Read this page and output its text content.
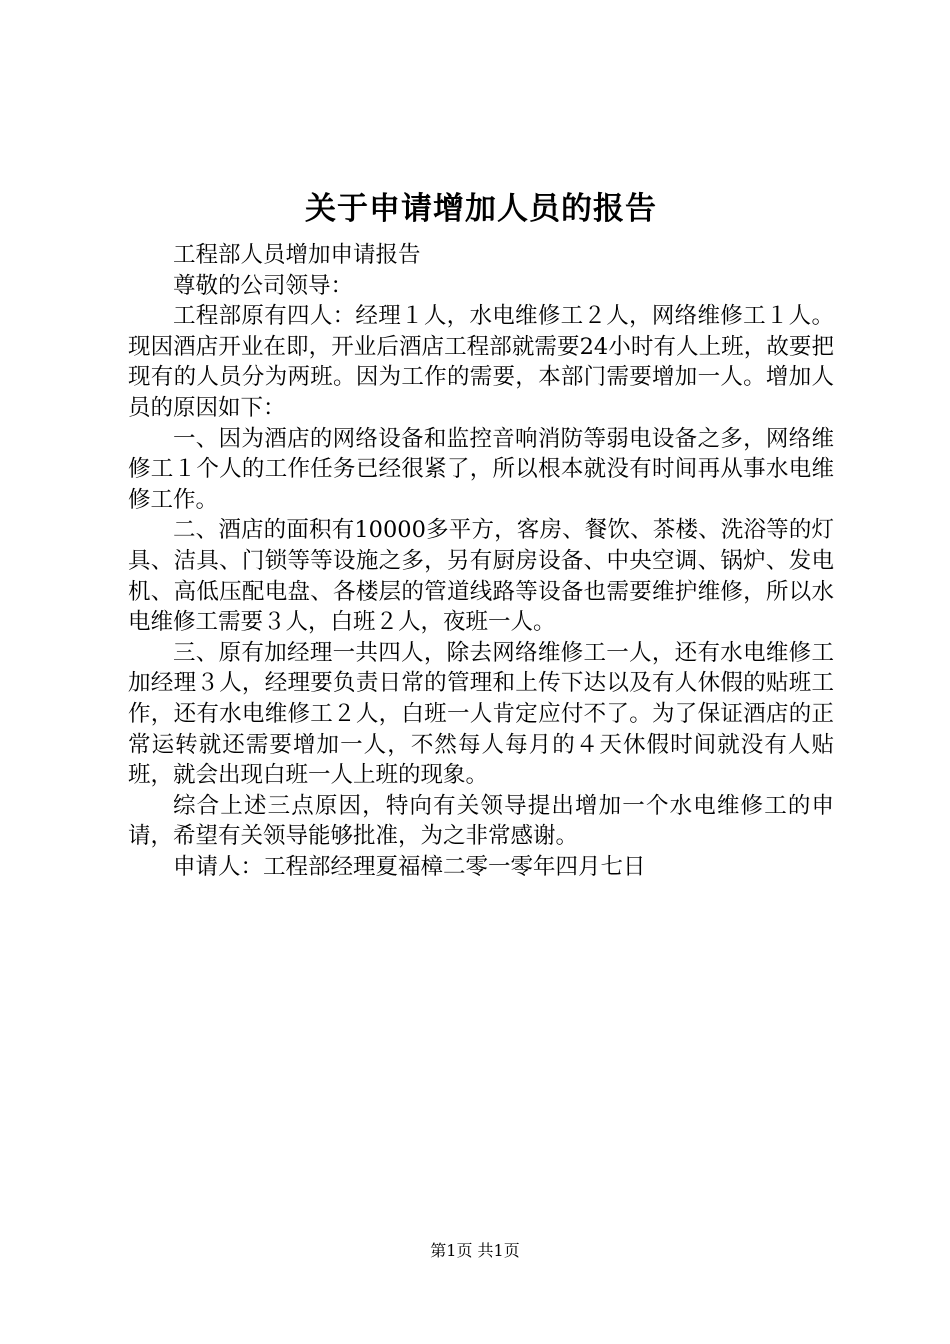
关于申请增加人员的报告

工程部人员增加申请报告

尊敬的公司领导：

工程部原有四人：经理１人，水电维修工２人，网络维修工１人。现因酒店开业在即，开业后酒店工程部就需要24小时有人上班，故要把现有的人员分为两班。因为工作的需要，本部门需要增加一人。增加人员的原因如下：

一、因为酒店的网络设备和监控音响消防等弱电设备之多，网络维修工１个人的工作任务已经很紧了，所以根本就没有时间再从事水电维修工作。

二、酒店的面积有10000多平方，客房、餐饮、茶楼、洗浴等的灯具、洁具、门锁等等设施之多，另有厨房设备、中央空调、锅炉、发电机、高低压配电盘、各楼层的管道线路等设备也需要维护维修，所以水电维修工需要３人，白班２人，夜班一人。

三、原有加经理一共四人，除去网络维修工一人，还有水电维修工加经理３人，经理要负责日常的管理和上传下达以及有人休假的贴班工作，还有水电维修工２人，白班一人肯定应付不了。为了保证酒店的正常运转就还需要增加一人，不然每人每月的４天休假时间就没有人贴班，就会出现白班一人上班的现象。

综合上述三点原因，特向有关领导提出增加一个水电维修工的申请，希望有关领导能够批准，为之非常感谢。

申请人：工程部经理夏福樟二零一零年四月七日

第1页 共1页
